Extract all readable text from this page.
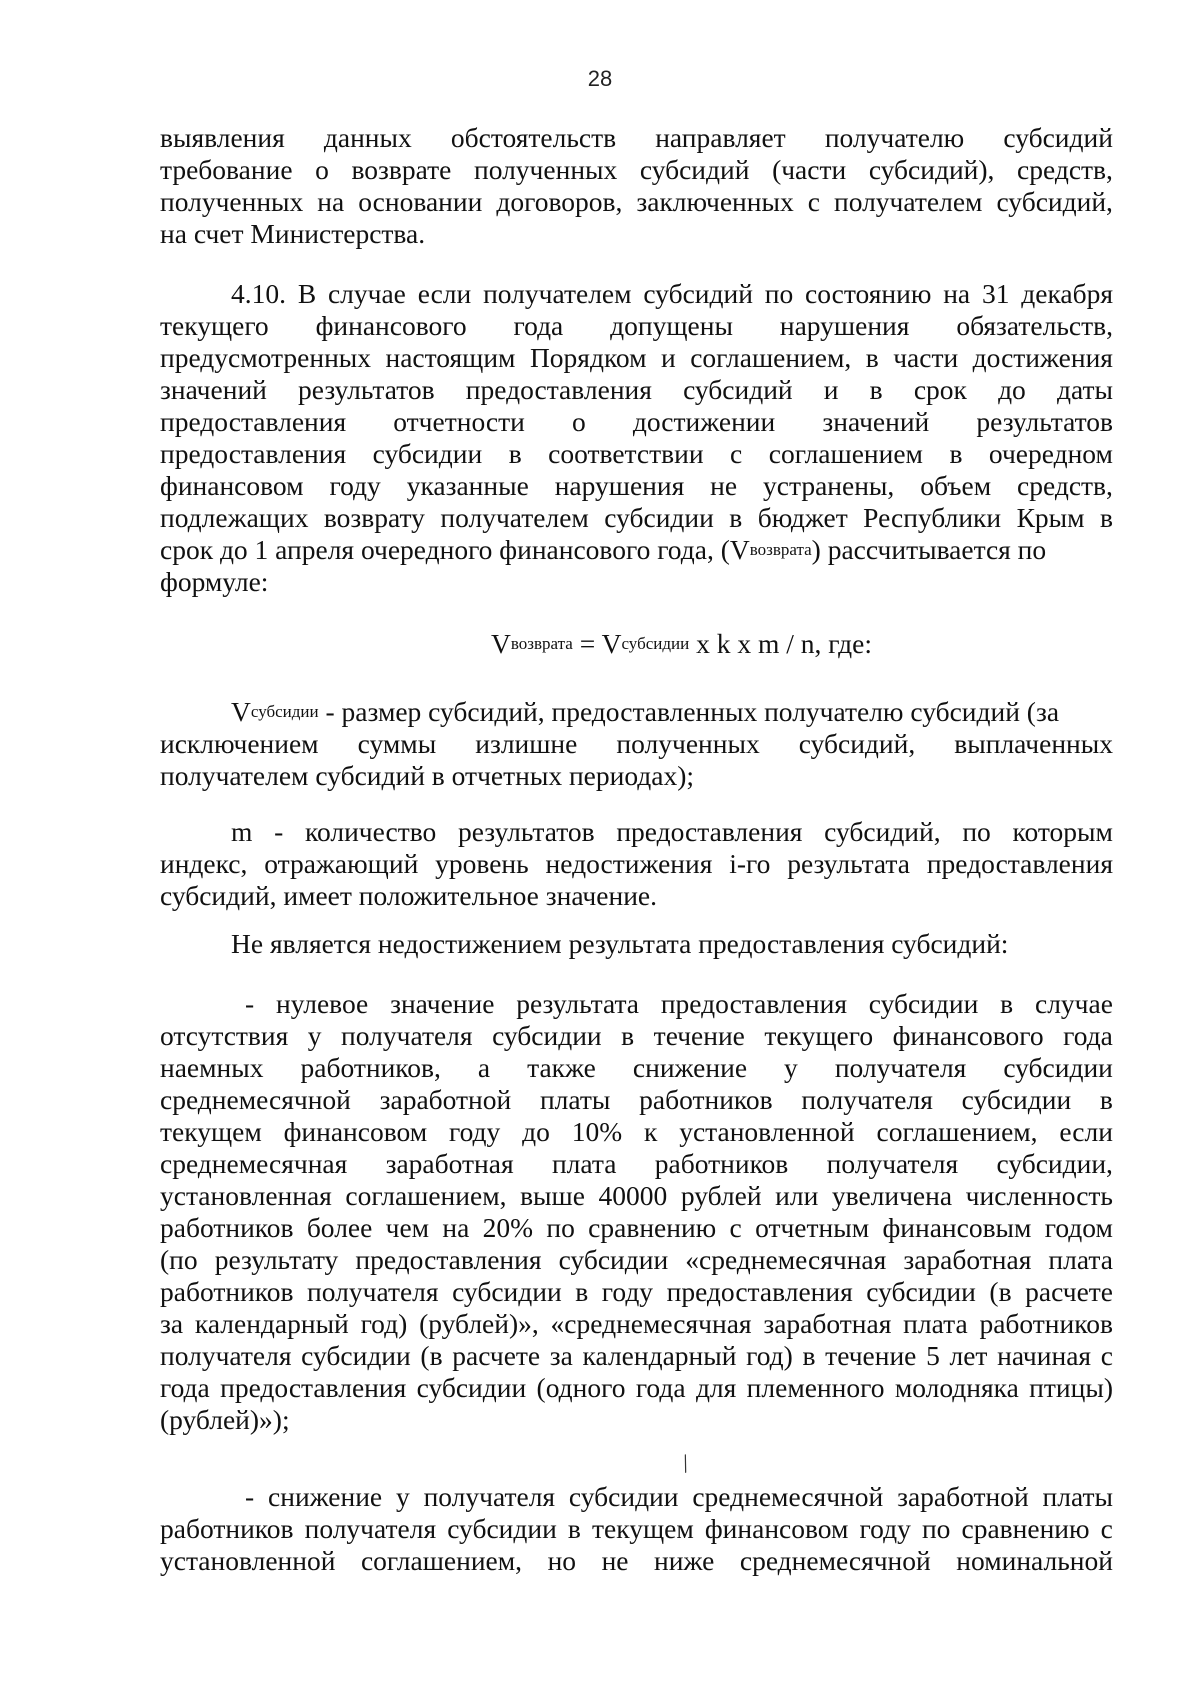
28
выявления данных обстоятельств направляет получателю субсидий
требование о возврате полученных субсидий (части субсидий), средств,
полученных на основании договоров, заключенных с получателем субсидий,
на счет Министерства.
4.10. В случае если получателем субсидий по состоянию на 31 декабря
текущего финансового года допущены нарушения обязательств,
предусмотренных настоящим Порядком и соглашением, в части достижения
значений результатов предоставления субсидий и в срок до даты
предоставления отчетности о достижении значений результатов
предоставления субсидии в соответствии с соглашением в очередном
финансовом году указанные нарушения не устранены, объем средств,
подлежащих возврату получателем субсидии в бюджет Республики Крым в
срок до 1 апреля очередного финансового года, (V возврата ) рассчитывается по
формуле:
V возврата = V субсидии x k x m / n, где:
V субсидии - размер субсидий, предоставленных получателю субсидий (за
исключением суммы излишне полученных субсидий, выплаченных
получателем субсидий в отчетных периодах);
m - количество результатов предоставления субсидий, по которым
индекс, отражающий уровень недостижения i-го результата предоставления
субсидий, имеет положительное значение.
Не является недостижением результата предоставления субсидий:
- нулевое значение результата предоставления субсидии в случае
отсутствия у получателя субсидии в течение текущего финансового года
наемных работников, а также снижение у получателя субсидии
среднемесячной заработной платы работников получателя субсидии в
текущем финансовом году до 10% к установленной соглашением, если
среднемесячная заработная плата работников получателя субсидии,
установленная соглашением, выше 40000 рублей или увеличена численность
работников более чем на 20% по сравнению с отчетным финансовым годом
(по результату предоставления субсидии «среднемесячная заработная плата
работников получателя субсидии в году предоставления субсидии (в расчете
за календарный год) (рублей)», «среднемесячная заработная плата работников
получателя субсидии (в расчете за календарный год) в течение 5 лет начиная с
года предоставления субсидии (одного года для племенного молодняка птицы)
(рублей)»);
- снижение у получателя субсидии среднемесячной заработной платы
работников получателя субсидии в текущем финансовом году по сравнению с
установленной соглашением, но не ниже среднемесячной номинальной
/
